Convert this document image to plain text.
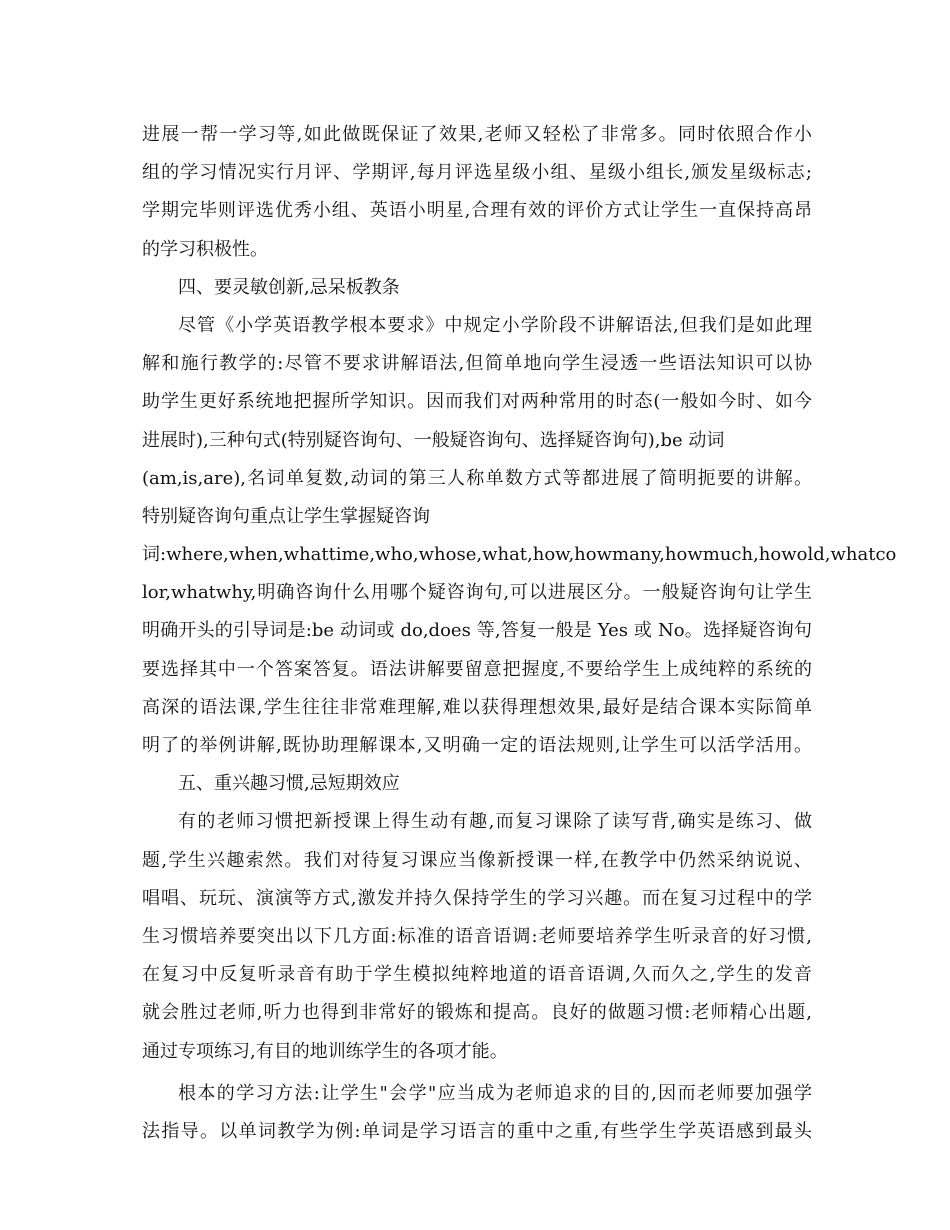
进展一帮一学习等,如此做既保证了效果,老师又轻松了非常多。同时依照合作小
组的学习情况实行月评、学期评,每月评选星级小组、星级小组长,颁发星级标志;
学期完毕则评选优秀小组、英语小明星,合理有效的评价方式让学生一直保持高昂
的学习积极性。
四、要灵敏创新,忌呆板教条
尽管《小学英语教学根本要求》中规定小学阶段不讲解语法,但我们是如此理
解和施行教学的:尽管不要求讲解语法,但简单地向学生浸透一些语法知识可以协
助学生更好系统地把握所学知识。因而我们对两种常用的时态(一般如今时、如今
进展时),三种句式(特别疑咨询句、一般疑咨询句、选择疑咨询句),be 动词
(am,is,are),名词单复数,动词的第三人称单数方式等都进展了简明扼要的讲解。
特别疑咨询句重点让学生掌握疑咨询
词:where,when,whattime,who,whose,what,how,howmany,howmuch,howold,whatco
lor,whatwhy,明确咨询什么用哪个疑咨询句,可以进展区分。一般疑咨询句让学生
明确开头的引导词是:be 动词或 do,does 等,答复一般是 Yes 或 No。选择疑咨询句
要选择其中一个答案答复。语法讲解要留意把握度,不要给学生上成纯粹的系统的
高深的语法课,学生往往非常难理解,难以获得理想效果,最好是结合课本实际简单
明了的举例讲解,既协助理解课本,又明确一定的语法规则,让学生可以活学活用。
五、重兴趣习惯,忌短期效应
有的老师习惯把新授课上得生动有趣,而复习课除了读写背,确实是练习、做
题,学生兴趣索然。我们对待复习课应当像新授课一样,在教学中仍然采纳说说、
唱唱、玩玩、演演等方式,激发并持久保持学生的学习兴趣。而在复习过程中的学
生习惯培养要突出以下几方面:标准的语音语调:老师要培养学生听录音的好习惯,
在复习中反复听录音有助于学生模拟纯粹地道的语音语调,久而久之,学生的发音
就会胜过老师,听力也得到非常好的锻炼和提高。良好的做题习惯:老师精心出题,
通过专项练习,有目的地训练学生的各项才能。
根本的学习方法:让学生"会学"应当成为老师追求的目的,因而老师要加强学
法指导。以单词教学为例:单词是学习语言的重中之重,有些学生学英语感到最头
